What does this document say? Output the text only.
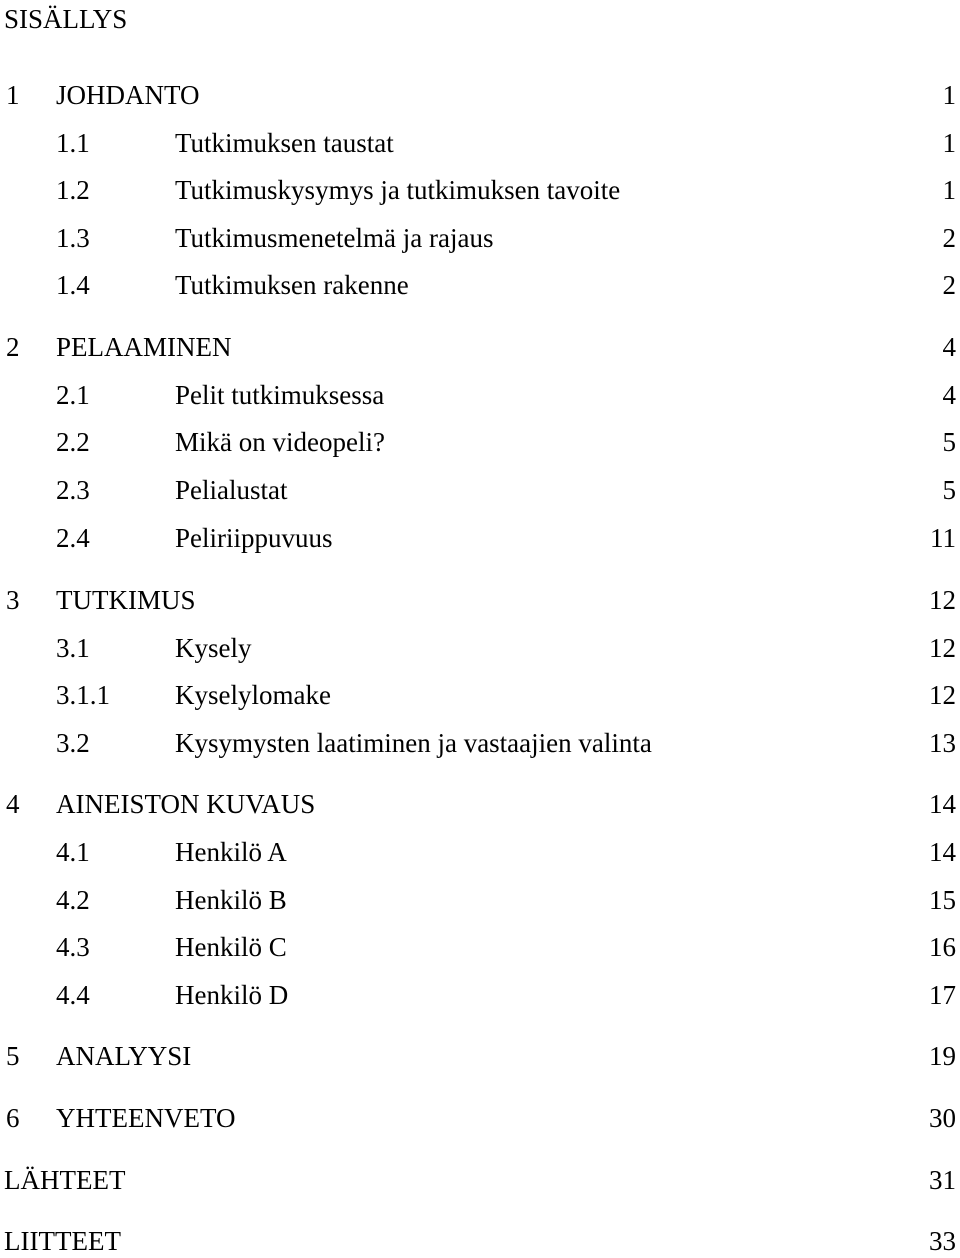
SISÄLLYS
1 JOHDANTO	1
1.1	Tutkimuksen taustat	1
1.2	Tutkimuskysymys ja tutkimuksen tavoite	1
1.3	Tutkimusmenetelmä ja rajaus	2
1.4	Tutkimuksen rakenne	2
2 PELAAMINEN	4
2.1	Pelit tutkimuksessa	4
2.2	Mikä on videopeli?	5
2.3	Pelialustat	5
2.4	Peliriippuvuus	11
3 TUTKIMUS	12
3.1	Kysely	12
3.1.1 Kyselylomake	12
3.2	Kysymysten laatiminen ja vastaajien valinta	13
4 AINEISTON KUVAUS	14
4.1	Henkilö A	14
4.2	Henkilö B	15
4.3	Henkilö C	16
4.4	Henkilö D	17
5 ANALYYSI	19
6 YHTEENVETO	30
LÄHTEET	31
LIITTEET	33
